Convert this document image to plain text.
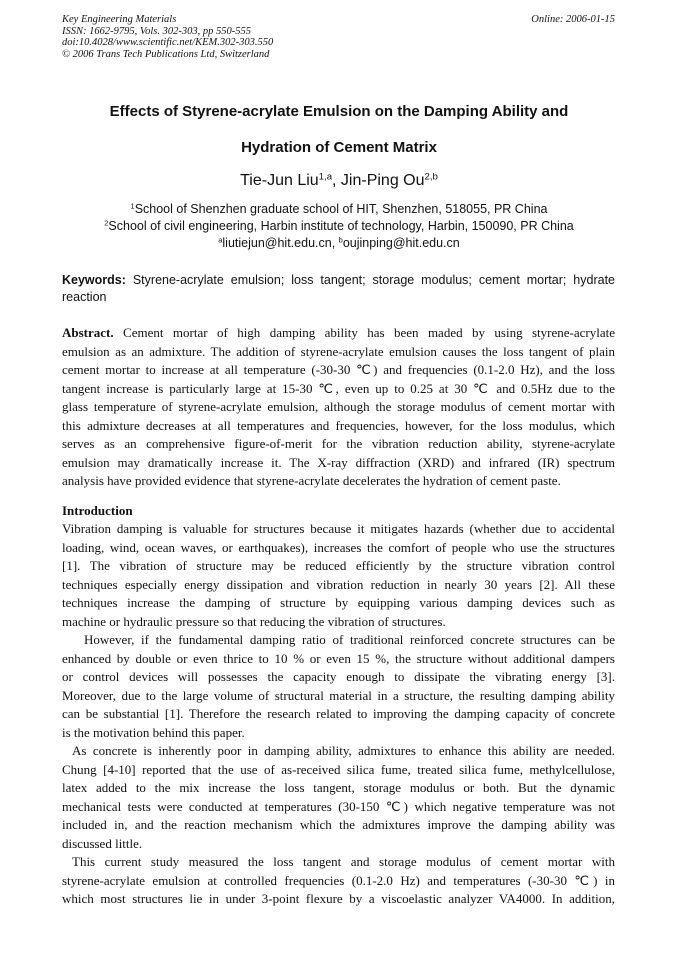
Key Engineering Materials
ISSN: 1662-9795, Vols. 302-303, pp 550-555
doi:10.4028/www.scientific.net/KEM.302-303.550
© 2006 Trans Tech Publications Ltd, Switzerland
Online: 2006-01-15
Effects of Styrene-acrylate Emulsion on the Damping Ability and
Hydration of Cement Matrix
Tie-Jun Liu$^{1,a}$, Jin-Ping Ou$^{2,b}$
$^1$School of Shenzhen graduate school of HIT, Shenzhen, 518055, PR China
$^2$School of civil engineering, Harbin institute of technology, Harbin, 150090, PR China
$^a$liutiejun@hit.edu.cn, $^b$oujinping@hit.edu.cn
Keywords: Styrene-acrylate emulsion; loss tangent; storage modulus; cement mortar; hydrate reaction
Abstract. Cement mortar of high damping ability has been maded by using styrene-acrylate
emulsion as an admixture. The addition of styrene-acrylate emulsion causes the loss tangent of plain
cement mortar to increase at all temperature (-30-30 ℃) and frequencies (0.1-2.0 Hz), and the loss
tangent increase is particularly large at 15-30 ℃, even up to 0.25 at 30 ℃ and 0.5Hz due to the
glass temperature of styrene-acrylate emulsion, although the storage modulus of cement mortar with
this admixture decreases at all temperatures and frequencies, however, for the loss modulus, which
serves as an comprehensive figure-of-merit for the vibration reduction ability, styrene-acrylate
emulsion may dramatically increase it. The X-ray diffraction (XRD) and infrared (IR) spectrum
analysis have provided evidence that styrene-acrylate decelerates the hydration of cement paste.
Introduction
Vibration damping is valuable for structures because it mitigates hazards (whether due to accidental
loading, wind, ocean waves, or earthquakes), increases the comfort of people who use the structures
[1]. The vibration of structure may be reduced efficiently by the structure vibration control
techniques especially energy dissipation and vibration reduction in nearly 30 years [2]. All these
techniques increase the damping of structure by equipping various damping devices such as
machine or hydraulic pressure so that reducing the vibration of structures.
However, if the fundamental damping ratio of traditional reinforced concrete structures can be
enhanced by double or even thrice to 10 % or even 15 %, the structure without additional dampers
or control devices will possesses the capacity enough to dissipate the vibrating energy [3].
Moreover, due to the large volume of structural material in a structure, the resulting damping ability
can be substantial [1]. Therefore the research related to improving the damping capacity of concrete
is the motivation behind this paper.
As concrete is inherently poor in damping ability, admixtures to enhance this ability are needed.
Chung [4-10] reported that the use of as-received silica fume, treated silica fume, methylcellulose,
latex added to the mix increase the loss tangent, storage modulus or both. But the dynamic
mechanical tests were conducted at temperatures (30-150 ℃) which negative temperature was not
included in, and the reaction mechanism which the admixtures improve the damping ability was
discussed little.
This current study measured the loss tangent and storage modulus of cement mortar with
styrene-acrylate emulsion at controlled frequencies (0.1-2.0 Hz) and temperatures (-30-30 ℃) in
which most structures lie in under 3-point flexure by a viscoelastic analyzer VA4000. In addition,
